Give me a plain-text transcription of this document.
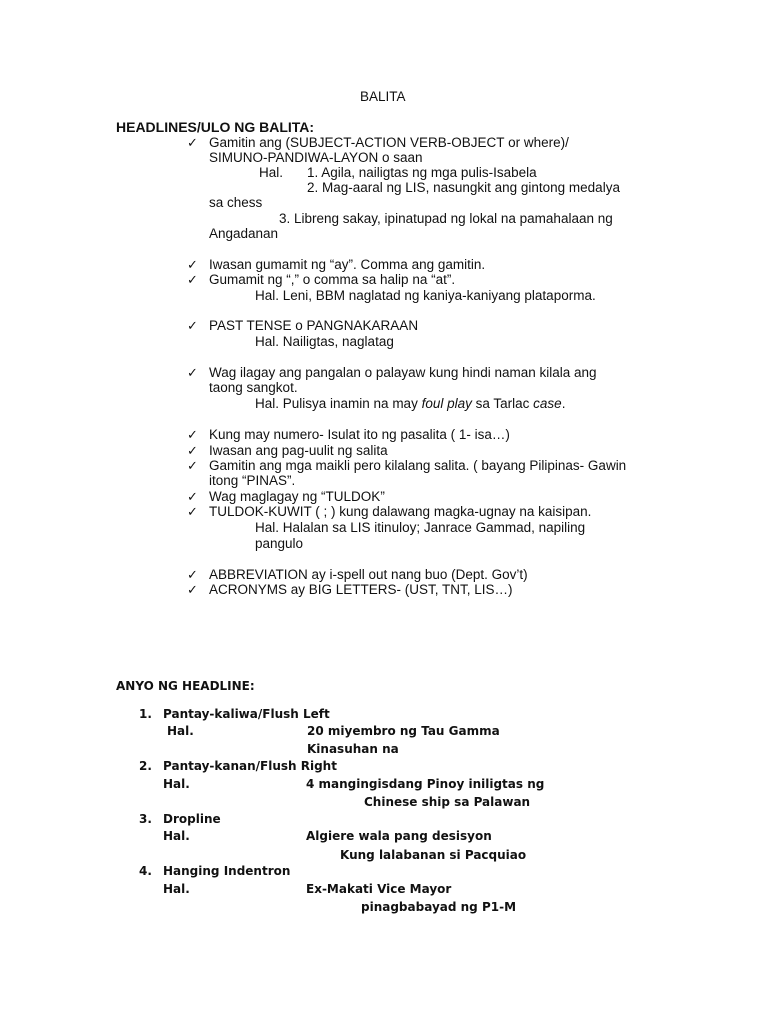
BALITA
HEADLINES/ULO NG BALITA:
✓ Gamitin ang (SUBJECT-ACTION VERB-OBJECT or where)/
SIMUNO-PANDIWA-LAYON o saan
Hal. 1. Agila, nailigtas ng mga pulis-Isabela
2. Mag-aaral ng LIS, nasungkit ang gintong medalya
sa chess
3. Libreng sakay, ipinatupad ng lokal na pamahalaan ng
Angadanan
✓ Iwasan gumamit ng “ay”. Comma ang gamitin.
✓ Gumamit ng “,” o comma sa halip na “at”.
Hal. Leni, BBM naglatad ng kaniya-kaniyang plataporma.
✓ PAST TENSE o PANGNAKARAAN
Hal. Nailigtas, naglatag
✓ Wag ilagay ang pangalan o palayaw kung hindi naman kilala ang
taong sangkot.
Hal. Pulisya inamin na may foul play sa Tarlac case.
✓ Kung may numero- Isulat ito ng pasalita ( 1- isa…)
✓ Iwasan ang pag-uulit ng salita
✓ Gamitin ang mga maikli pero kilalang salita. ( bayang Pilipinas- Gawin
itong “PINAS”.
✓ Wag maglagay ng “TULDOK”
✓ TULDOK-KUWIT ( ; ) kung dalawang magka-ugnay na kaisipan.
Hal. Halalan sa LIS itinuloy; Janrace Gammad, napiling
pangulo
✓ ABBREVIATION ay i-spell out nang buo (Dept. Gov’t)
✓ ACRONYMS ay BIG LETTERS- (UST, TNT, LIS…)
ANYO NG HEADLINE:
1. Pantay-kaliwa/Flush Left
Hal.	20 miyembro ng Tau Gamma
Kinasuhan na
2. Pantay-kanan/Flush Right
Hal.	4 mangingisdang Pinoy iniligtas ng
Chinese ship sa Palawan
3. Dropline
Hal.	Algiere wala pang desisyon
Kung lalabanan si Pacquiao
4. Hanging Indentron
Hal.	Ex-Makati Vice Mayor
pinagbabayad ng P1-M
